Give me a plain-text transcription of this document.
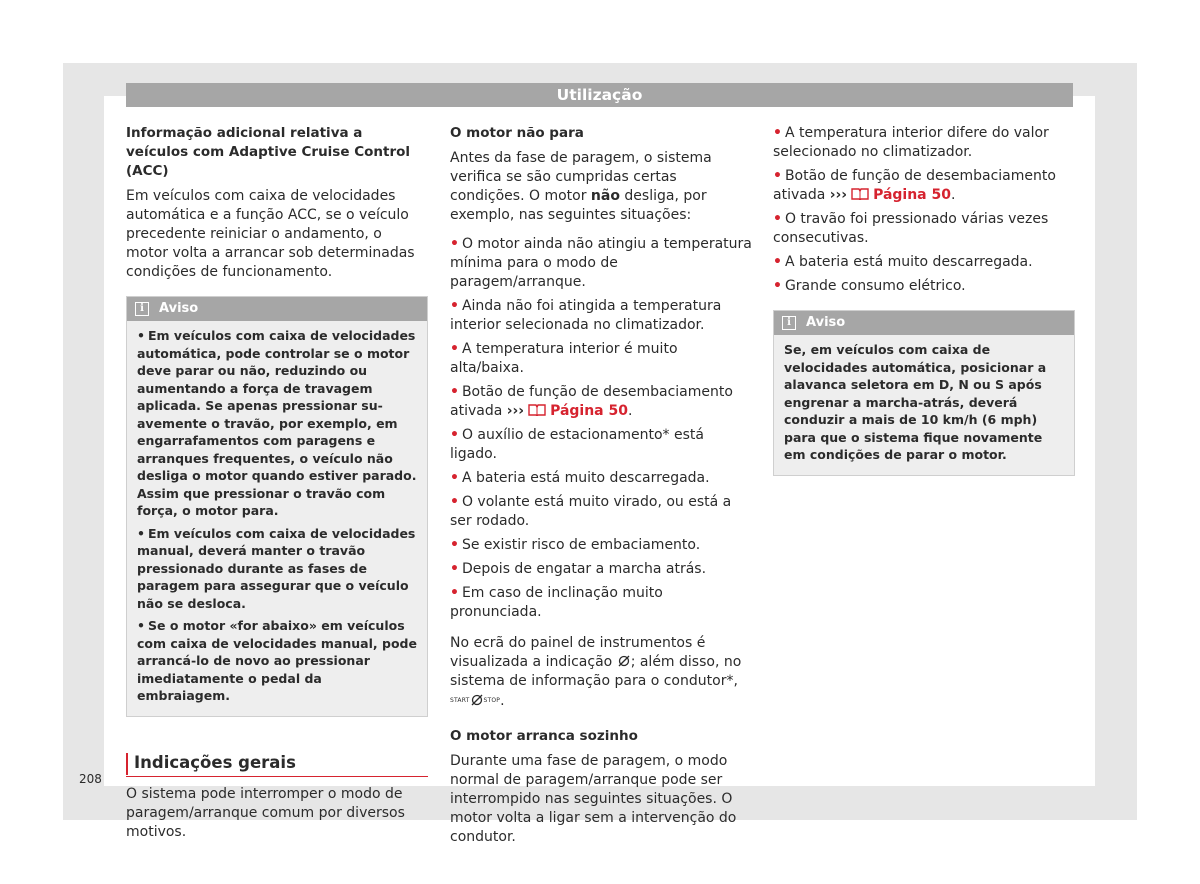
Utilização

Informação adicional relativa a veículos com Adaptive Cruise Control (ACC)

Em veículos com caixa de velocidades automática e a função ACC, se o veículo precedente reiniciar o andamento, o motor volta a arrancar sob determinadas condições de funcionamento.

i	Aviso

• Em veículos com caixa de velocidades automática, pode controlar se o motor deve parar ou não, reduzindo ou aumentando a força de travagem aplicada. Se apenas pressionar suavemente o travão, por exemplo, em engarrafamentos com paragens e arranques frequentes, o veículo não desliga o motor quando estiver parado. Assim que pressionar o travão com força, o motor para.

• Em veículos com caixa de velocidades manual, deverá manter o travão pressionado durante as fases de paragem para assegurar que o veículo não se desloca.

• Se o motor «for abaixo» em veículos com caixa de velocidades manual, pode arrancá-lo de novo ao pressionar imediatamente o pedal da embraiagem.

Indicações gerais

O sistema pode interromper o modo de paragem/arranque comum por diversos motivos.

O motor não para

Antes da fase de paragem, o sistema verifica se são cumpridas certas condições. O motor não desliga, por exemplo, nas seguintes situações:

• O motor ainda não atingiu a temperatura mínima para o modo de paragem/arranque.

• Ainda não foi atingida a temperatura interior selecionada no climatizador.

• A temperatura interior é muito alta/baixa.

• Botão de função de desembaciamento ativada ››› Página 50.

• O auxílio de estacionamento* está ligado.

• A bateria está muito descarregada.

• O volante está muito virado, ou está a ser rodado.

• Se existir risco de embaciamento.

• Depois de engatar a marcha atrás.

• Em caso de inclinação muito pronunciada.

No ecrã do painel de instrumentos é visualizada a indicação ; além disso, no sistema de informação para o condutor*, $^{START}$ $^{STOP}$.

O motor arranca sozinho

Durante uma fase de paragem, o modo normal de paragem/arranque pode ser interrompido nas seguintes situações. O motor volta a ligar sem a intervenção do condutor.

• A temperatura interior difere do valor selecionado no climatizador.

• Botão de função de desembaciamento ativada ››› Página 50.

• O travão foi pressionado várias vezes consecutivas.

• A bateria está muito descarregada.

• Grande consumo elétrico.

i	Aviso

Se, em veículos com caixa de velocidades automática, posicionar a alavanca seletora em D, N ou S após engrenar a marcha-atrás, deverá conduzir a mais de 10 km/h (6 mph) para que o sistema fique novamente em condições de parar o motor.

208
